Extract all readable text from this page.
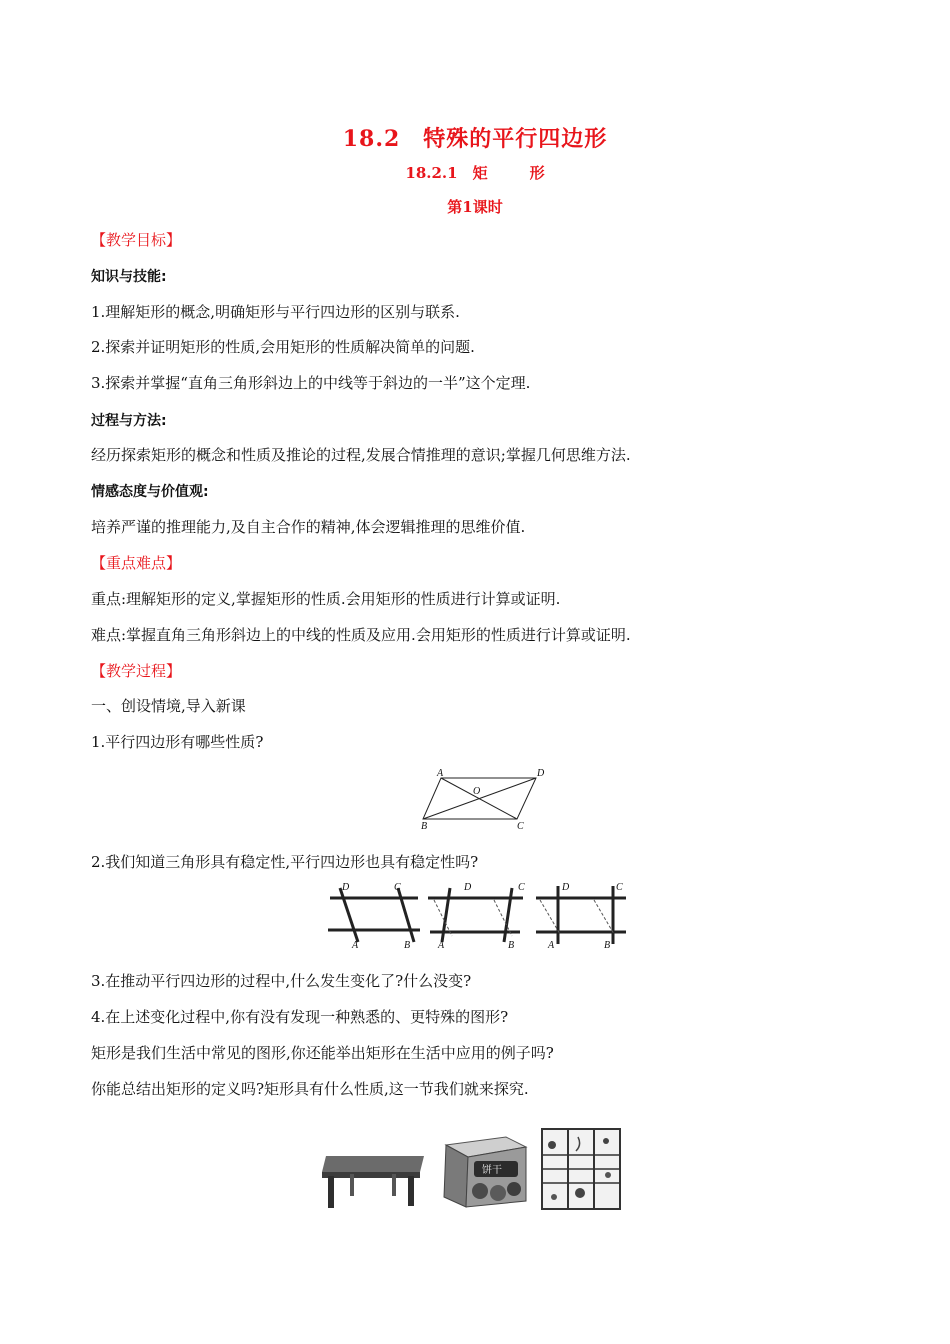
18.2　特殊的平行四边形
18.2.1　矩	形
第1课时
【教学目标】
知识与技能:
1.理解矩形的概念,明确矩形与平行四边形的区别与联系.
2.探索并证明矩形的性质,会用矩形的性质解决简单的问题.
3.探索并掌握“直角三角形斜边上的中线等于斜边的一半”这个定理.
过程与方法:
经历探索矩形的概念和性质及推论的过程,发展合情推理的意识;掌握几何思维方法.
情感态度与价值观:
培养严谨的推理能力,及自主合作的精神,体会逻辑推理的思维价值.
【重点难点】
重点:理解矩形的定义,掌握矩形的性质.会用矩形的性质进行计算或证明.
难点:掌握直角三角形斜边上的中线的性质及应用.会用矩形的性质进行计算或证明.
【教学过程】
一、创设情境,导入新课
1.平行四边形有哪些性质?
A	D
O
B	C
2.我们知道三角形具有稳定性,平行四边形也具有稳定性吗?
D	C
A	B
D	C
A	B
D	C
A	B
3.在推动平行四边形的过程中,什么发生变化了?什么没变?
4.在上述变化过程中,你有没有发现一种熟悉的、更特殊的图形?
矩形是我们生活中常见的图形,你还能举出矩形在生活中应用的例子吗?
你能总结出矩形的定义吗?矩形具有什么性质,这一节我们就来探究.
饼干
